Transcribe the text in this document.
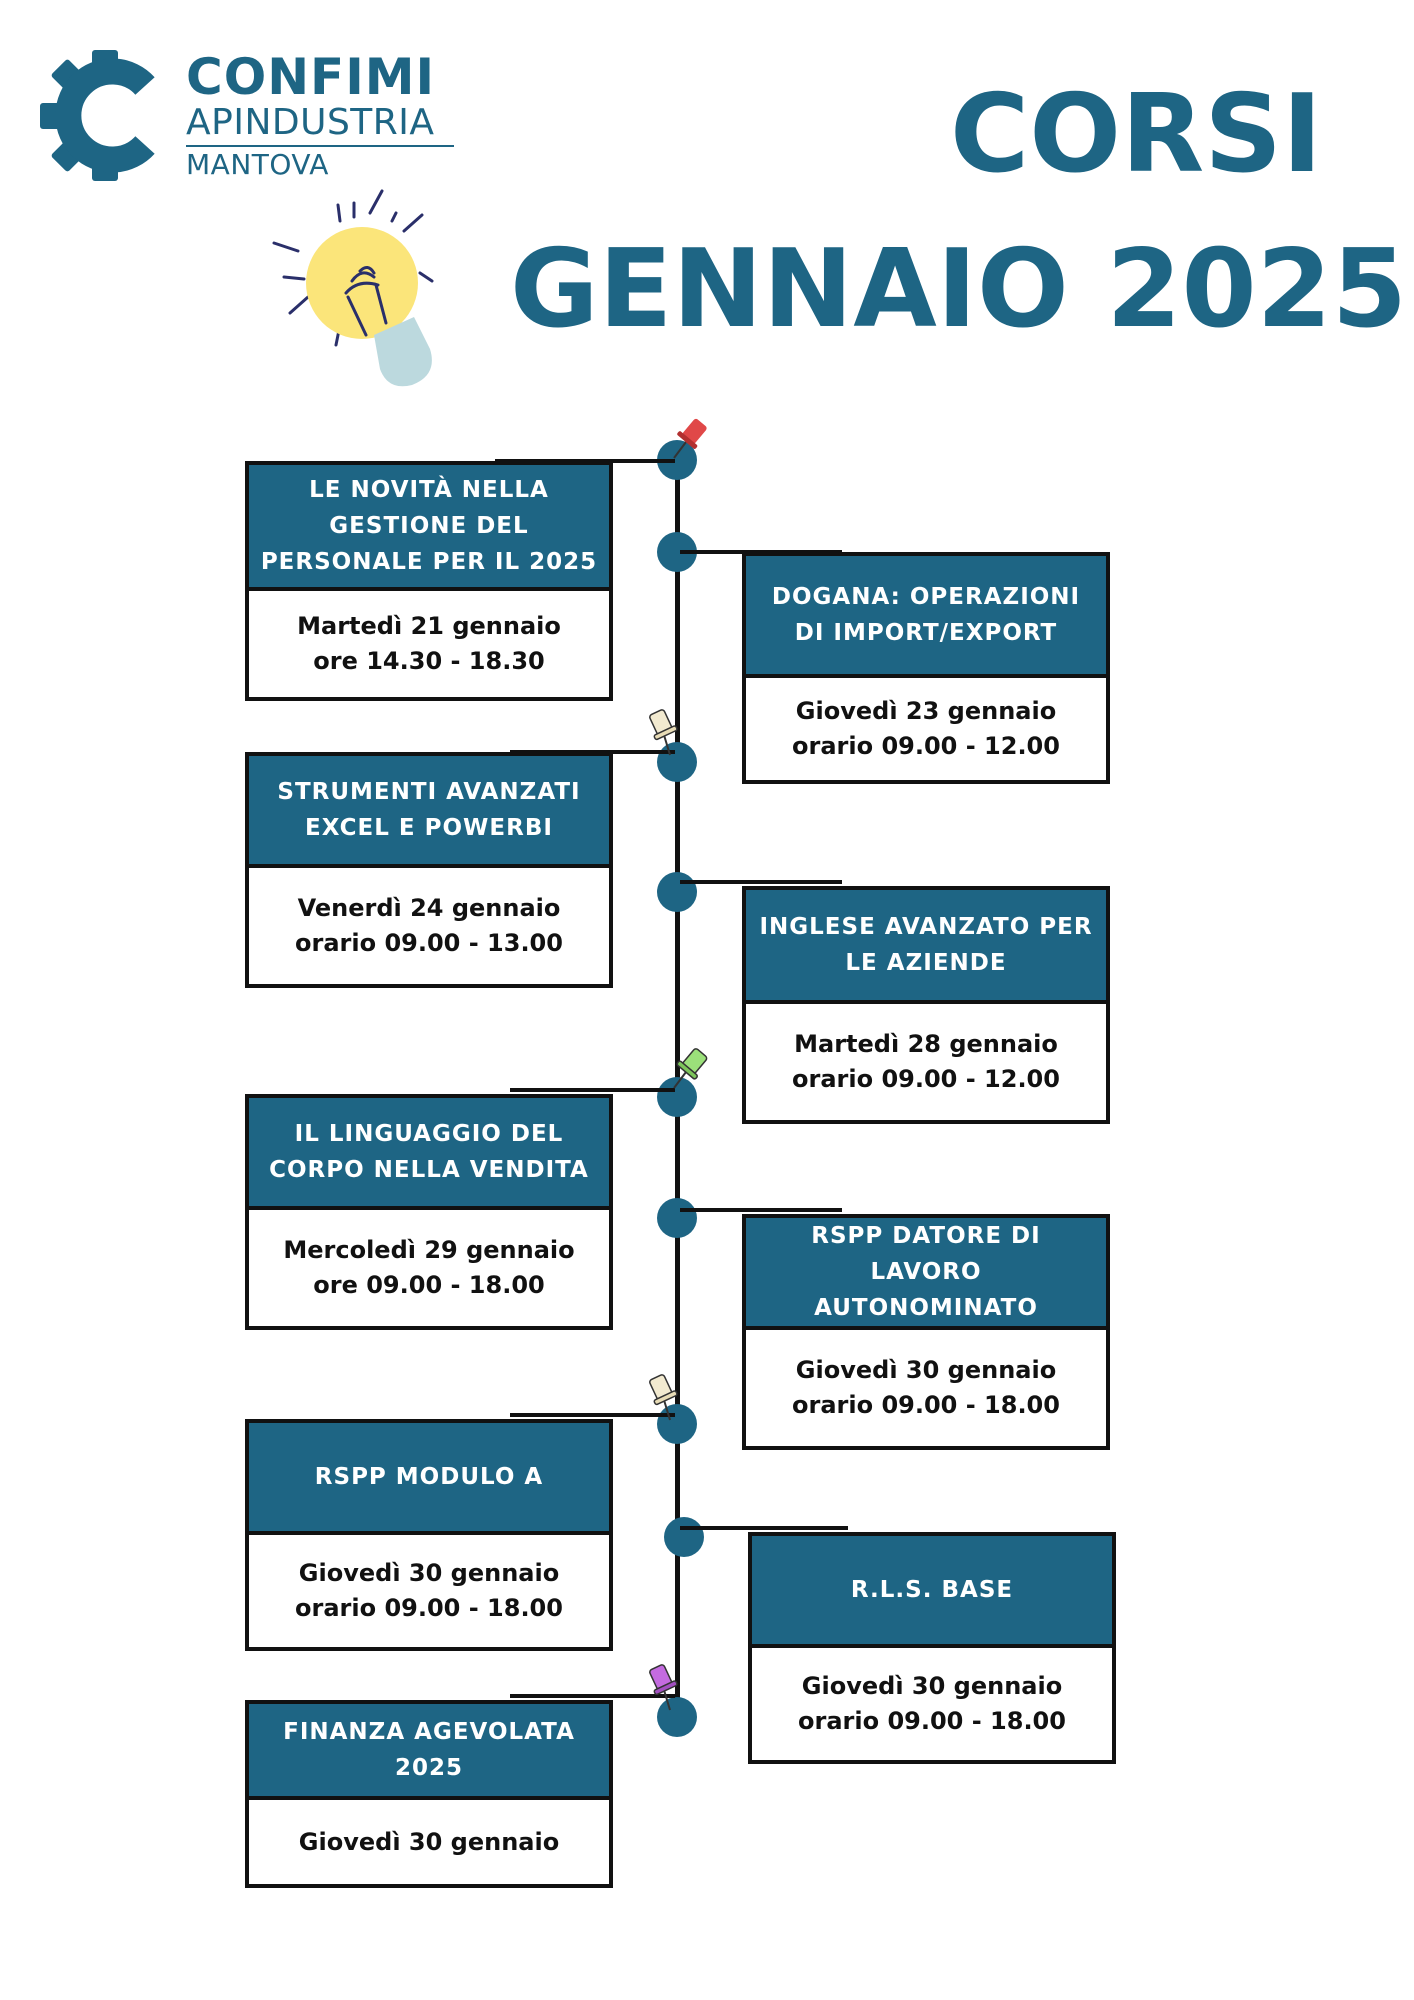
CONFIMI
APINDUSTRIA
MANTOVA	CORSI
GENNAIO 2025
LE NOVITÀ NELLA GESTIONE DEL PERSONALE PER IL 2025
Martedì 21 gennaio
ore 14.30 - 18.30
DOGANA: OPERAZIONI DI IMPORT/EXPORT
Giovedì 23 gennaio
orario 09.00 - 12.00
STRUMENTI AVANZATI EXCEL E POWERBI
Venerdì 24 gennaio
orario 09.00 - 13.00
INGLESE AVANZATO PER LE AZIENDE
Martedì 28 gennaio
orario 09.00 - 12.00
IL LINGUAGGIO DEL CORPO NELLA VENDITA
Mercoledì 29 gennaio
ore 09.00 - 18.00
RSPP DATORE DI LAVORO AUTONOMINATO
Giovedì 30 gennaio
orario 09.00 - 18.00
RSPP MODULO A
Giovedì 30 gennaio
orario 09.00 - 18.00
R.L.S. BASE
Giovedì 30 gennaio
orario 09.00 - 18.00
FINANZA AGEVOLATA 2025
Giovedì 30 gennaio
